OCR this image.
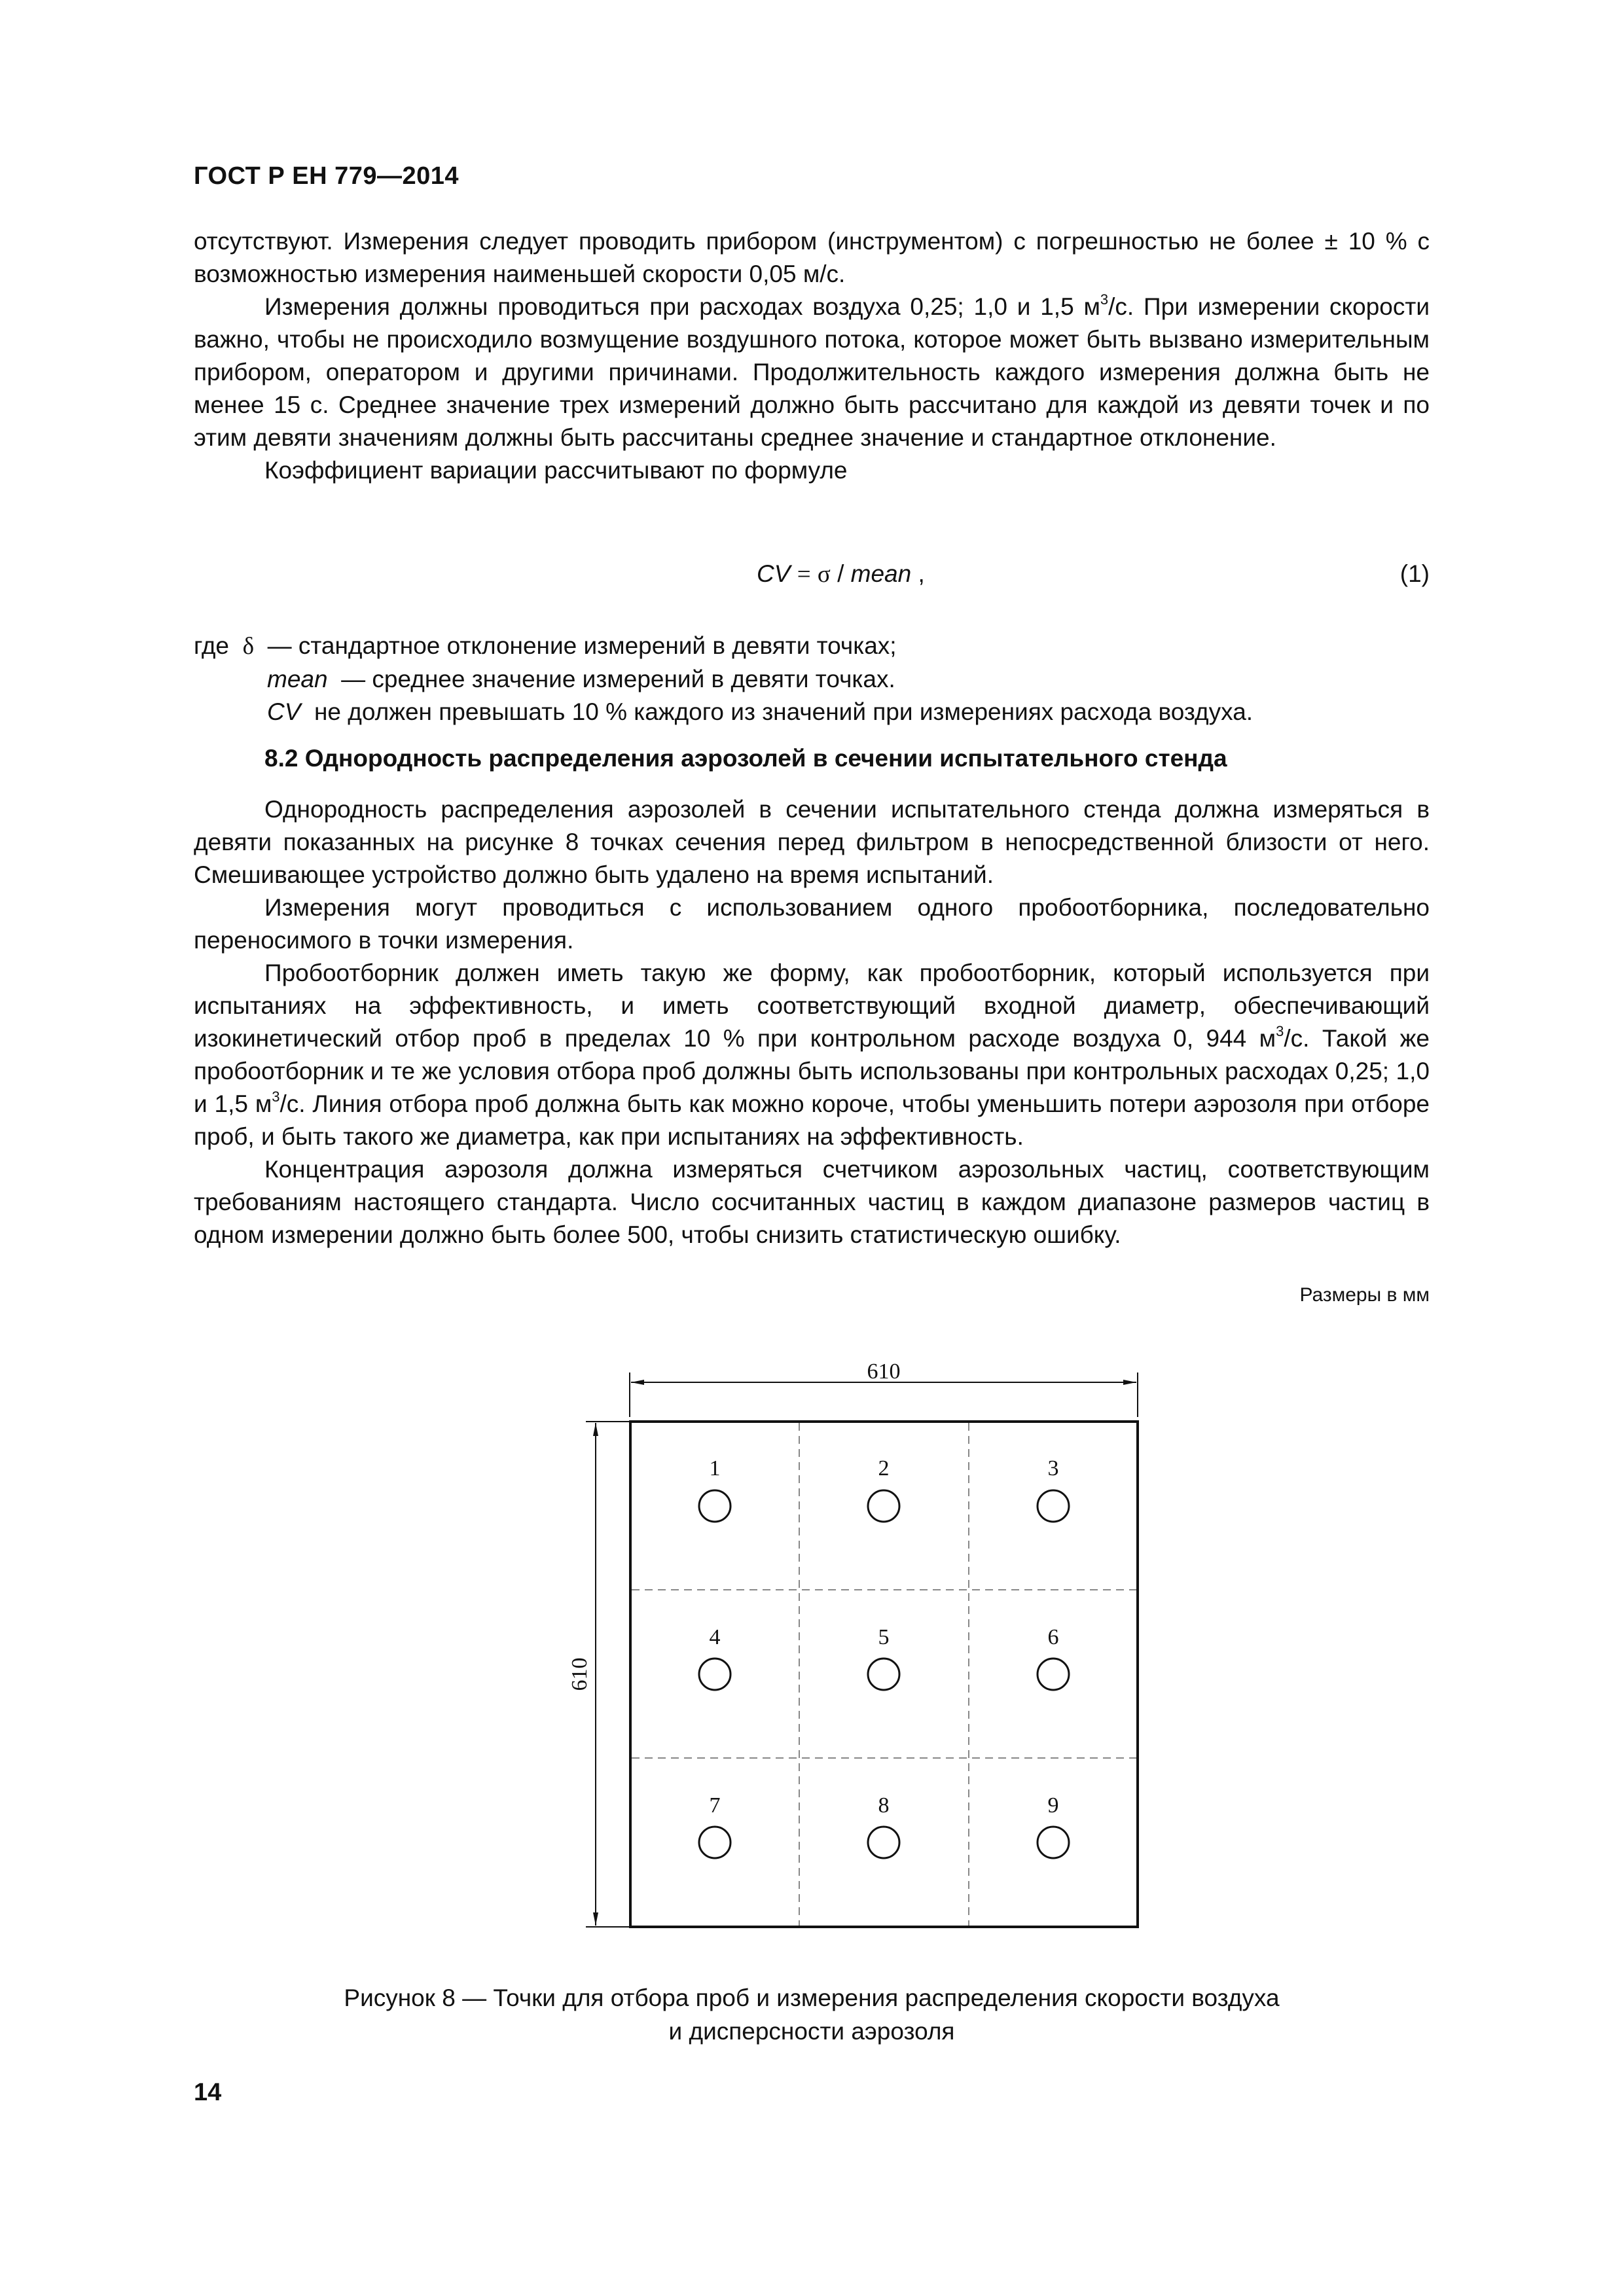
ГОСТ Р ЕН 779—2014

отсутствуют. Измерения следует проводить прибором (инструментом) с погрешностью не более ± 10 % с возможностью измерения наименьшей скорости 0,05 м/с.

Измерения должны проводиться при расходах воздуха 0,25; 1,0 и 1,5 $м^3/с$. При измерении скорости важно, чтобы не происходило возмущение воздушного потока, которое может быть вызвано измерительным прибором, оператором и другими причинами. Продолжительность каждого измерения должна быть не менее 15 с. Среднее значение трех измерений должно быть рассчитано для каждой из девяти точек и по этим девяти значениям должны быть рассчитаны среднее значение и стандартное отклонение.

Коэффициент вариации рассчитывают по формуле

CV = σ / mean ,	(1)

где δ — стандартное отклонение измерений в девяти точках;

mean — среднее значение измерений в девяти точках.

CV не должен превышать 10 % каждого из значений при измерениях расхода воздуха.

8.2 Однородность распределения аэрозолей в сечении испытательного стенда

Однородность распределения аэрозолей в сечении испытательного стенда должна измеряться в девяти показанных на рисунке 8 точках сечения перед фильтром в непосредственной близости от него. Смешивающее устройство должно быть удалено на время испытаний.

Измерения могут проводиться с использованием одного пробоотборника, последовательно переносимого в точки измерения.

Пробоотборник должен иметь такую же форму, как пробоотборник, который используется при испытаниях на эффективность, и иметь соответствующий входной диаметр, обеспечивающий изокинетический отбор проб в пределах 10 % при контрольном расходе воздуха 0, 944 $м^3/с$. Такой же пробоотборник и те же условия отбора проб должны быть использованы при контрольных расходах 0,25; 1,0 и 1,5 $м^3/с$. Линия отбора проб должна быть как можно короче, чтобы уменьшить потери аэрозоля при отборе проб, и быть такого же диаметра, как при испытаниях на эффективность.

Концентрация аэрозоля должна измеряться счетчиком аэрозольных частиц, соответствующим требованиям настоящего стандарта. Число сосчитанных частиц в каждом диапазоне размеров частиц в одном измерении должно быть более 500, чтобы снизить статистическую ошибку.

Размеры в мм
610
610
1	2	3
4	5	6
7	8	9

Рисунок 8 — Точки для отбора проб и измерения распределения скорости воздуха

и дисперсности аэрозоля

14
